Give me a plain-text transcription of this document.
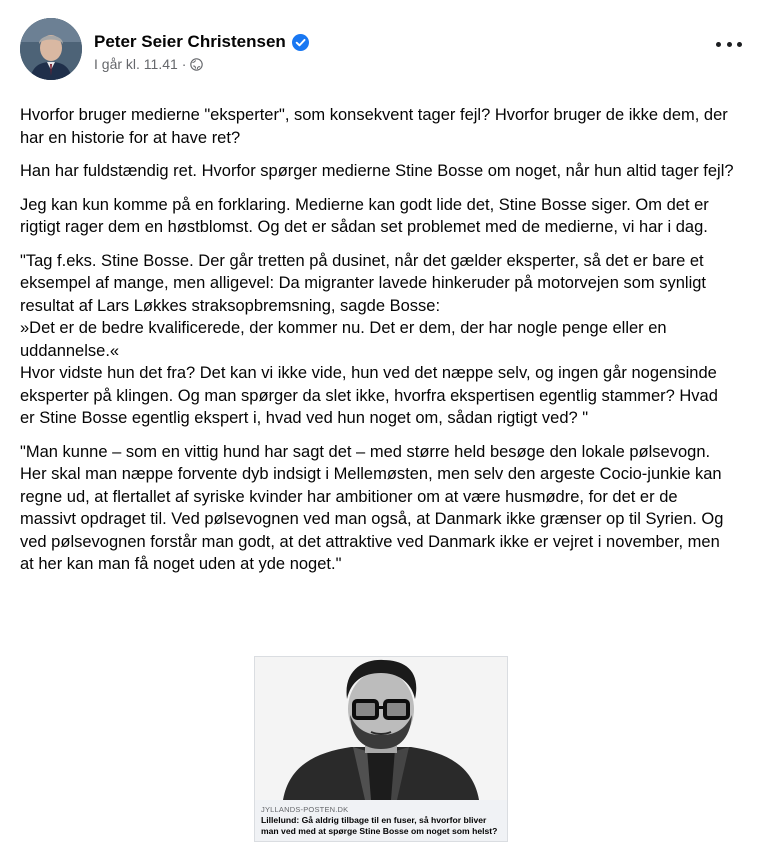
Peter Seier Christensen
I går kl. 11.41 ·

Hvorfor bruger medierne "eksperter", som konsekvent tager fejl? Hvorfor bruger de ikke dem, der har en historie for at have ret?

Han har fuldstændig ret. Hvorfor spørger medierne Stine Bosse om noget, når hun altid tager fejl?

Jeg kan kun komme på en forklaring. Medierne kan godt lide det, Stine Bosse siger. Om det er rigtigt rager dem en høstblomst. Og det er sådan set problemet med de medierne, vi har i dag.

"Tag f.eks. Stine Bosse. Der går tretten på dusinet, når det gælder eksperter, så det er bare et eksempel af mange, men alligevel: Da migranter lavede hinkeruder på motorvejen som synligt resultat af Lars Løkkes straksopbremsning, sagde Bosse:
»Det er de bedre kvalificerede, der kommer nu. Det er dem, der har nogle penge eller en uddannelse.«
Hvor vidste hun det fra? Det kan vi ikke vide, hun ved det næppe selv, og ingen går nogensinde eksperter på klingen. Og man spørger da slet ikke, hvorfra ekspertisen egentlig stammer? Hvad er Stine Bosse egentlig ekspert i, hvad ved hun noget om, sådan rigtigt ved? "

"Man kunne – som en vittig hund har sagt det – med større held besøge den lokale pølsevogn. Her skal man næppe forvente dyb indsigt i Mellemøsten, men selv den argeste Cocio-junkie kan regne ud, at flertallet af syriske kvinder har ambitioner om at være husmødre, for det er de massivt opdraget til. Ved pølsevognen ved man også, at Danmark ikke grænser op til Syrien. Og ved pølsevognen forstår man godt, at det attraktive ved Danmark ikke er vejret i november, men at her kan man få noget uden at yde noget."

JYLLANDS-POSTEN.DK
Lillelund: Gå aldrig tilbage til en fuser, så hvorfor bliver man ved med at spørge Stine Bosse om noget som helst?
